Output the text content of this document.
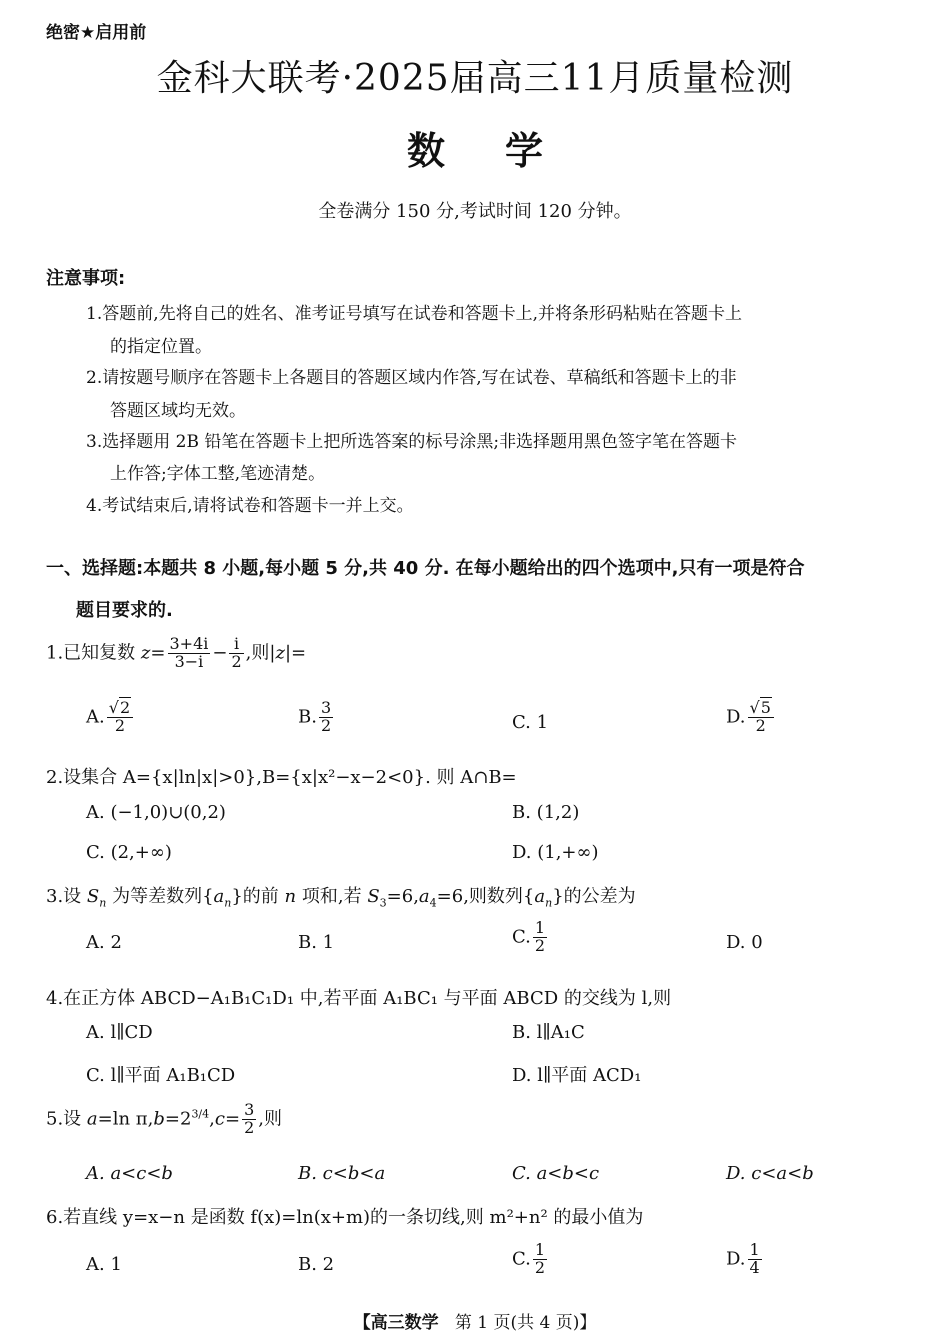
绝密★启用前
金科大联考·2025届高三11月质量检测
数学
全卷满分 150 分,考试时间 120 分钟。
注意事项:
1.答题前,先将自己的姓名、准考证号填写在试卷和答题卡上,并将条形码粘贴在答题卡上
的指定位置。
2.请按题号顺序在答题卡上各题目的答题区域内作答,写在试卷、草稿纸和答题卡上的非
答题区域均无效。
3.选择题用 2B 铅笔在答题卡上把所选答案的标号涂黑;非选择题用黑色签字笔在答题卡
上作答;字体工整,笔迹清楚。
4.考试结束后,请将试卷和答题卡一并上交。
一、选择题:本题共 8 小题,每小题 5 分,共 40 分. 在每小题给出的四个选项中,只有一项是符合
题目要求的.
1.已知复数 $z= \frac{3+4i}{3-i} - \frac{i}{2}$ ,则|z|=
A. $\frac{√2}{2}$	B. $\frac{3}{2}$	C. 1	D. $\frac{√5}{2}$
2.设集合 A={x|ln|x|>0},B={x|x²−x−2<0}. 则 A∩B=
A. (−1,0)∪(0,2)	B. (1,2)
C. (2,+∞)	D. (1,+∞)
3.设 $S_n$ 为等差数列$\{a_n\}$的前 n 项和,若 $S_3=6,a_4=6$,则数列$\{a_n\}$的公差为
A. 2	B. 1	C. $\frac{1}{2}$	D. 0
4.在正方体 ABCD−A₁B₁C₁D₁ 中,若平面 A₁BC₁ 与平面 ABCD 的交线为 l,则
A. l∥CD	B. l∥A₁C
C. l∥平面 A₁B₁CD	D. l∥平面 ACD₁
5.设 a=ln $\pi,b=2^{3/4},c= \frac{3}{2}$ ,则
A. a<c<b	B. c<b<a	C. a<b<c	D. c<a<b
6.若直线 y=x−n 是函数 f(x)=ln(x+m)的一条切线,则 m²+n² 的最小值为
A. 1	B. 2	C. $\frac{1}{2}$	D. $\frac{1}{4}$
【高三数学 第 1 页(共 4 页)】
